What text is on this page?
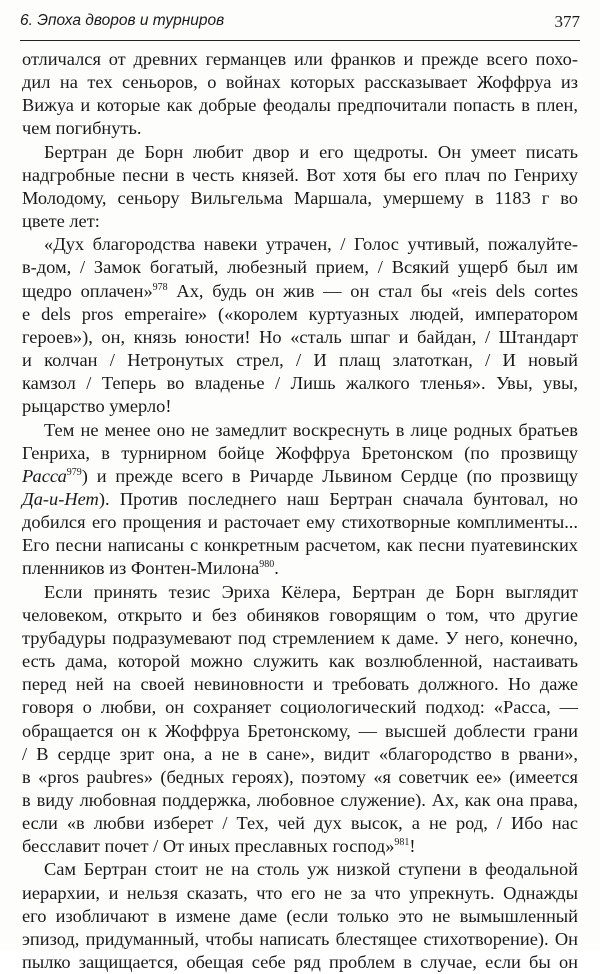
6. Эпоха дворов и турниров	377

отличался от древних германцев или франков и прежде всего похо-
дил на тех сеньоров, о войнах которых рассказывает Жоффруа из
Вижуа и которые как добрые феодалы предпочитали попасть в плен,
чем погибнуть.

Бертран де Борн любит двор и его щедроты. Он умеет писать
надгробные песни в честь князей. Вот хотя бы его плач по Генриху
Молодому, сеньору Вильгельма Маршала, умершему в 1183 г во
цвете лет:

«Дух благородства навеки утрачен, / Голос учтивый, пожалуйте-
в-дом, / Замок богатый, любезный прием, / Всякий ущерб был им
щедро оплачен»$^{978}$ Ах, будь он жив — он стал бы «reis dels cortes
e dels pros emperaire» («королем куртуазных людей, императором
героев»), он, князь юности! Но «сталь шпаг и байдан, / Штандарт
и колчан / Нетронутых стрел, / И плащ златоткан, / И новый
камзол / Теперь во владенье / Лишь жалкого тленья». Увы, увы,
рыцарство умерло!

Тем не менее оно не замедлит воскреснуть в лице родных братьев
Генриха, в турнирном бойце Жоффруа Бретонском (по прозвищу
Расса$^{979}$) и прежде всего в Ричарде Львином Сердце (по прозвищу
Да-и-Нет). Против последнего наш Бертран сначала бунтовал, но
добился его прощения и расточает ему стихотворные комплименты...
Его песни написаны с конкретным расчетом, как песни пуатевинских
пленников из Фонтен-Милона$^{980}$.

Если принять тезис Эриха Кёлера, Бертран де Борн выглядит
человеком, открыто и без обиняков говорящим о том, что другие
трубадуры подразумевают под стремлением к даме. У него, конечно,
есть дама, которой можно служить как возлюбленной, настаивать
перед ней на своей невиновности и требовать должного. Но даже
говоря о любви, он сохраняет социологический подход: «Расса, —
обращается он к Жоффруа Бретонскому, — высшей доблести грани
/ В сердце зрит она, а не в сане», видит «благородство в рвани»,
в «pros paubres» (бедных героях), поэтому «я советчик ее» (имеется
в виду любовная поддержка, любовное служение). Ах, как она права,
если «в любви изберет / Тех, чей дух высок, а не род, / Ибо нас
бесславит почет / От иных преславных господ»$^{981}$!

Сам Бертран стоит не на столь уж низкой ступени в феодальной
иерархии, и нельзя сказать, что его не за что упрекнуть. Однажды
его изобличают в измене даме (если только это не вымышленный
эпизод, придуманный, чтобы написать блестящее стихотворение). Он
пылко защищается, обещая себе ряд проблем в случае, если бы он
